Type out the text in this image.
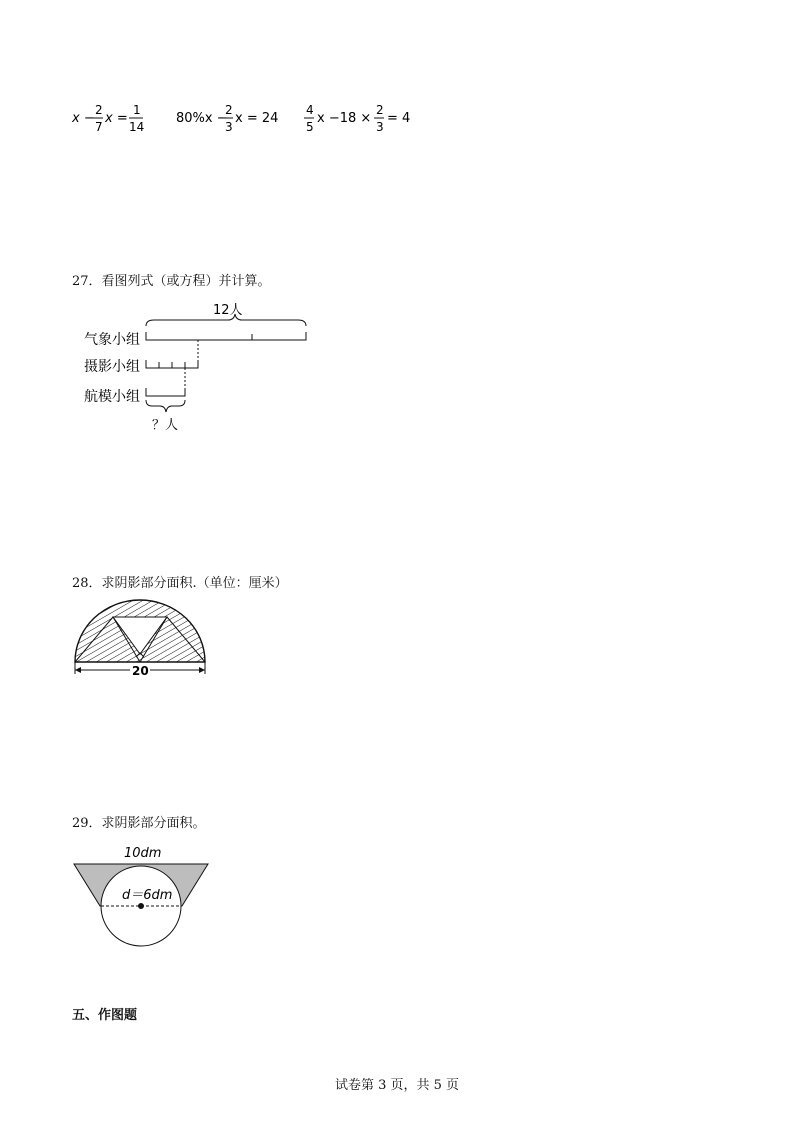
x −
2
7
x =
1
14
80%x −
2
3
x = 24
4
5
x −18 ×
2
3
= 4
27．看图列式（或方程）并计算。
12人
气象小组
摄影小组
航模小组
？人
28．求阴影部分面积.（单位：厘米）
20
29．求阴影部分面积。
10dm
d＝6dm
五、作图题
试卷第 3 页，共 5 页
